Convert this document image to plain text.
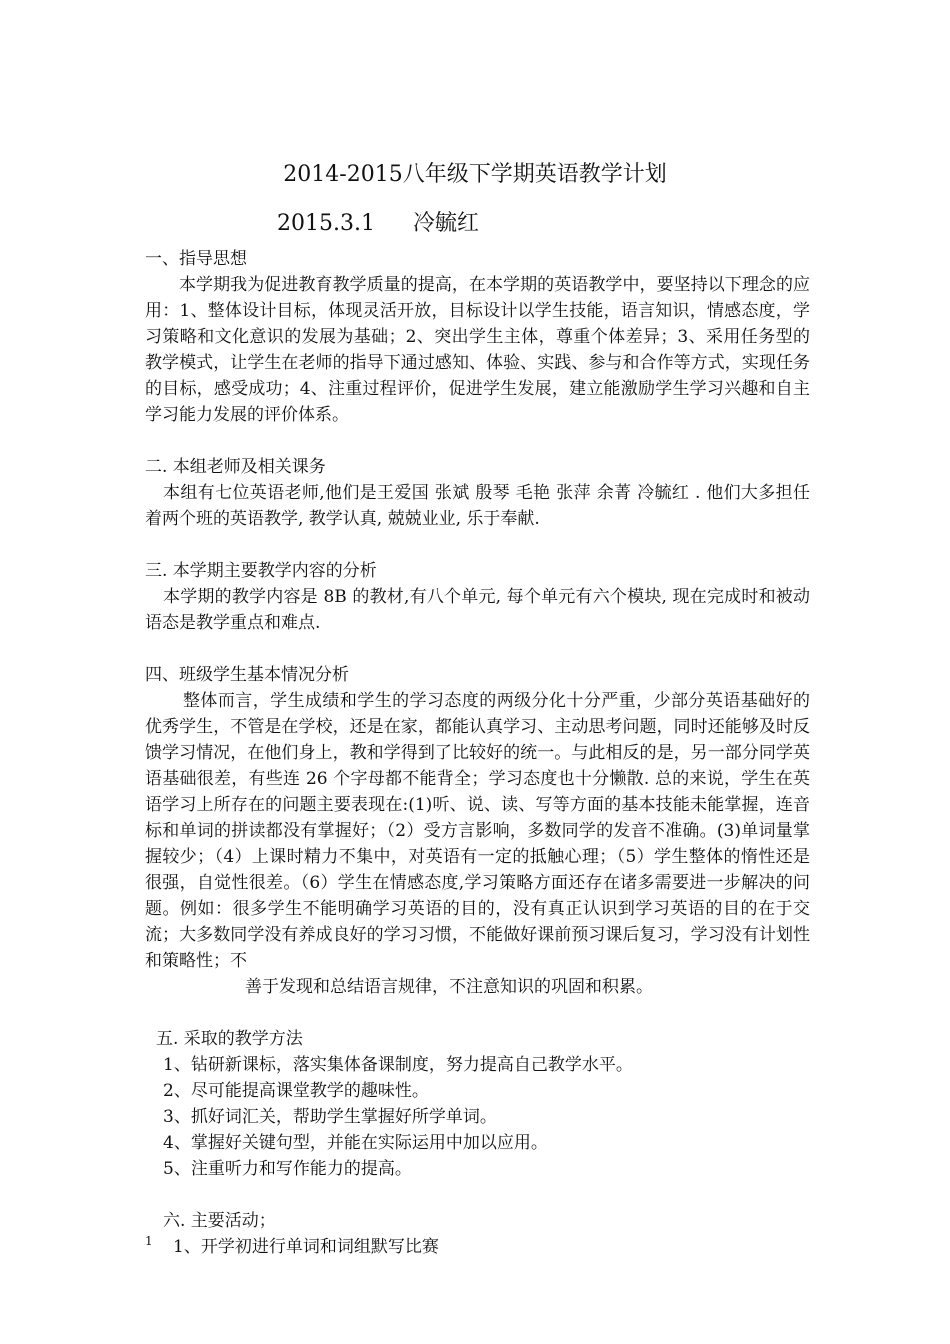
2014-2015八年级下学期英语教学计划
2015.3.1 冷毓红

一、指导思想

本学期我为促进教育教学质量的提高，在本学期的英语教学中，要坚持以下理念的应用：1、整体设计目标，体现灵活开放，目标设计以学生技能，语言知识，情感态度，学习策略和文化意识的发展为基础；2、突出学生主体，尊重个体差异；3、采用任务型的教学模式，让学生在老师的指导下通过感知、体验、实践、参与和合作等方式，实现任务的目标，感受成功；4、注重过程评价，促进学生发展，建立能激励学生学习兴趣和自主学习能力发展的评价体系。

二. 本组老师及相关课务

本组有七位英语老师,他们是王爱国 张斌 殷琴 毛艳 张萍 余菁 冷毓红 . 他们大多担任着两个班的英语教学, 教学认真, 兢兢业业, 乐于奉献.

三. 本学期主要教学内容的分析

本学期的教学内容是 8B 的教材,有八个单元, 每个单元有六个模块, 现在完成时和被动语态是教学重点和难点.

四、班级学生基本情况分析

整体而言，学生成绩和学生的学习态度的两级分化十分严重，少部分英语基础好的优秀学生，不管是在学校，还是在家，都能认真学习、主动思考问题，同时还能够及时反馈学习情况，在他们身上，教和学得到了比较好的统一。与此相反的是，另一部分同学英语基础很差，有些连 26 个字母都不能背全；学习态度也十分懒散. 总的来说，学生在英语学习上所存在的问题主要表现在:(1)听、说、读、写等方面的基本技能未能掌握，连音标和单词的拼读都没有掌握好；（2）受方言影响，多数同学的发音不准确。(3)单词量掌握较少；（4）上课时精力不集中，对英语有一定的抵触心理；（5）学生整体的惰性还是很强，自觉性很差。（6）学生在情感态度,学习策略方面还存在诸多需要进一步解决的问题。例如：很多学生不能明确学习英语的目的，没有真正认识到学习英语的目的在于交流；大多数同学没有养成良好的学习习惯，不能做好课前预习课后复习，学习没有计划性和策略性；不

善于发现和总结语言规律，不注意知识的巩固和积累。

五. 采取的教学方法

1、钻研新课标，落实集体备课制度，努力提高自己教学水平。

2、尽可能提高课堂教学的趣味性。

3、抓好词汇关，帮助学生掌握好所学单词。

4、掌握好关键句型，并能在实际运用中加以应用。

5、注重听力和写作能力的提高。

六. 主要活动；

1、开学初进行单词和词组默写比赛

1
